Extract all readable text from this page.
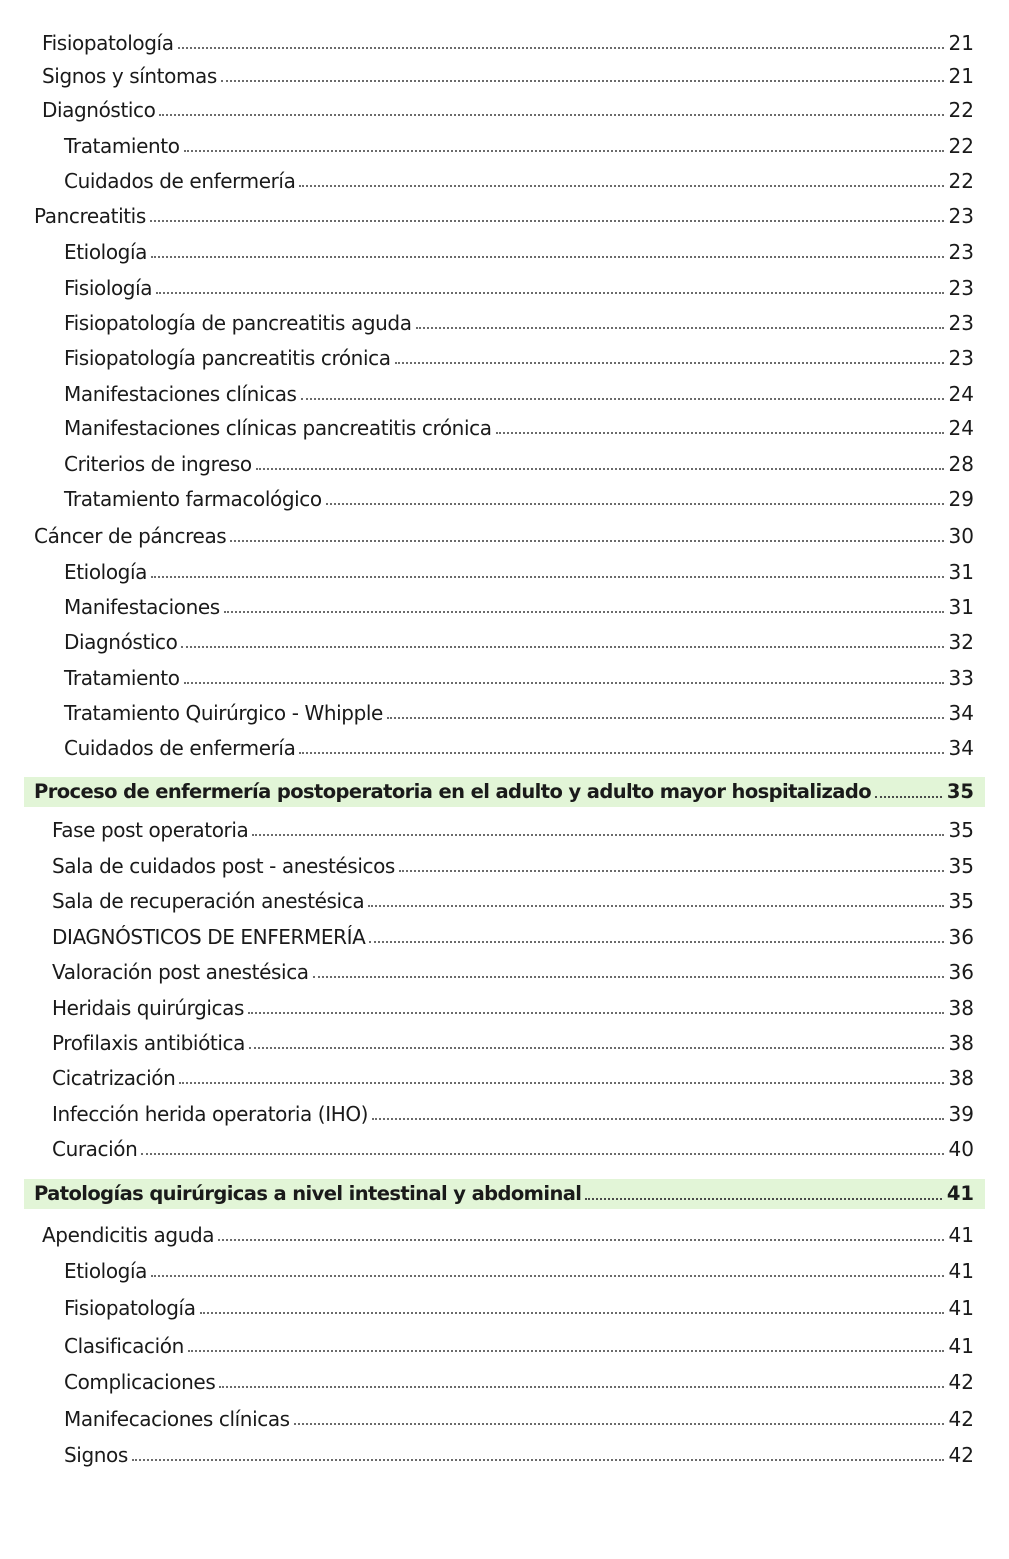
Fisiopatología	21
Signos y síntomas	21
Diagnóstico	22
Tratamiento	22
Cuidados de enfermería	22
Pancreatitis	23
Etiología	23
Fisiología	23
Fisiopatología de pancreatitis aguda	23
Fisiopatología pancreatitis crónica	23
Manifestaciones clínicas	24
Manifestaciones clínicas pancreatitis crónica	24
Criterios de ingreso	28
Tratamiento farmacológico	29
Cáncer de páncreas	30
Etiología	31
Manifestaciones	31
Diagnóstico	32
Tratamiento	33
Tratamiento Quirúrgico - Whipple	34
Cuidados de enfermería	34
Proceso de enfermería postoperatoria en el adulto y adulto mayor hospitalizado	35
Fase post operatoria	35
Sala de cuidados post - anestésicos	35
Sala de recuperación anestésica	35
DIAGNÓSTICOS DE ENFERMERÍA	36
Valoración post anestésica	36
Heridais quirúrgicas	38
Profilaxis antibiótica	38
Cicatrización	38
Infección herida operatoria (IHO)	39
Curación	40
Patologías quirúrgicas a nivel intestinal y abdominal	41
Apendicitis aguda	41
Etiología	41
Fisiopatología	41
Clasificación	41
Complicaciones	42
Manifecaciones clínicas	42
Signos	42
